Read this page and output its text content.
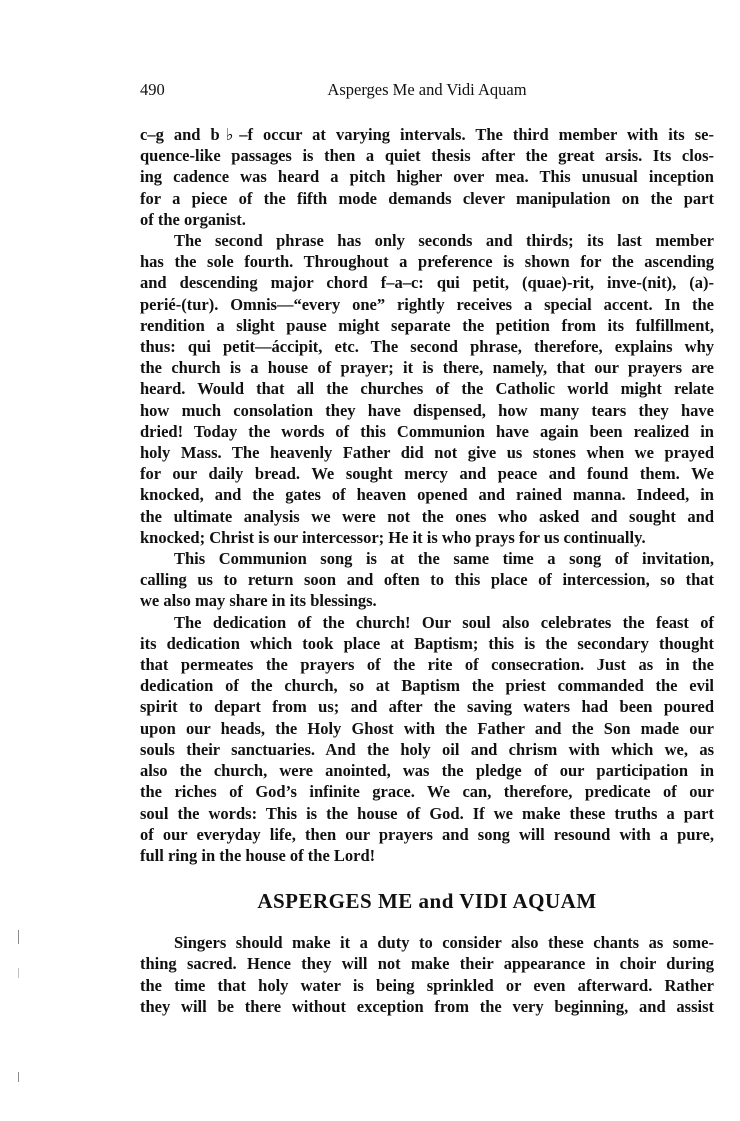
490	Asperges Me and Vidi Aquam

c–g and b♭–f occur at varying intervals. The third member with its se-
quence-like passages is then a quiet thesis after the great arsis. Its clos-
ing cadence was heard a pitch higher over mea. This unusual inception
for a piece of the fifth mode demands clever manipulation on the part
of the organist.

The second phrase has only seconds and thirds; its last member
has the sole fourth. Throughout a preference is shown for the ascending
and descending major chord f–a–c: qui petit, (quae)-rit, inve-(nit), (a)-
perié-(tur). Omnis—“every one” rightly receives a special accent. In the
rendition a slight pause might separate the petition from its fulfillment,
thus: qui petit—áccipit, etc. The second phrase, therefore, explains why
the church is a house of prayer; it is there, namely, that our prayers are
heard. Would that all the churches of the Catholic world might relate
how much consolation they have dispensed, how many tears they have
dried! Today the words of this Communion have again been realized in
holy Mass. The heavenly Father did not give us stones when we prayed
for our daily bread. We sought mercy and peace and found them. We
knocked, and the gates of heaven opened and rained manna. Indeed, in
the ultimate analysis we were not the ones who asked and sought and
knocked; Christ is our intercessor; He it is who prays for us continually.

This Communion song is at the same time a song of invitation,
calling us to return soon and often to this place of intercession, so that
we also may share in its blessings.

The dedication of the church! Our soul also celebrates the feast of
its dedication which took place at Baptism; this is the secondary thought
that permeates the prayers of the rite of consecration. Just as in the
dedication of the church, so at Baptism the priest commanded the evil
spirit to depart from us; and after the saving waters had been poured
upon our heads, the Holy Ghost with the Father and the Son made our
souls their sanctuaries. And the holy oil and chrism with which we, as
also the church, were anointed, was the pledge of our participation in
the riches of God’s infinite grace. We can, therefore, predicate of our
soul the words: This is the house of God. If we make these truths a part
of our everyday life, then our prayers and song will resound with a pure,
full ring in the house of the Lord!

ASPERGES ME and VIDI AQUAM

Singers should make it a duty to consider also these chants as some-
thing sacred. Hence they will not make their appearance in choir during
the time that holy water is being sprinkled or even afterward. Rather
they will be there without exception from the very beginning, and assist
